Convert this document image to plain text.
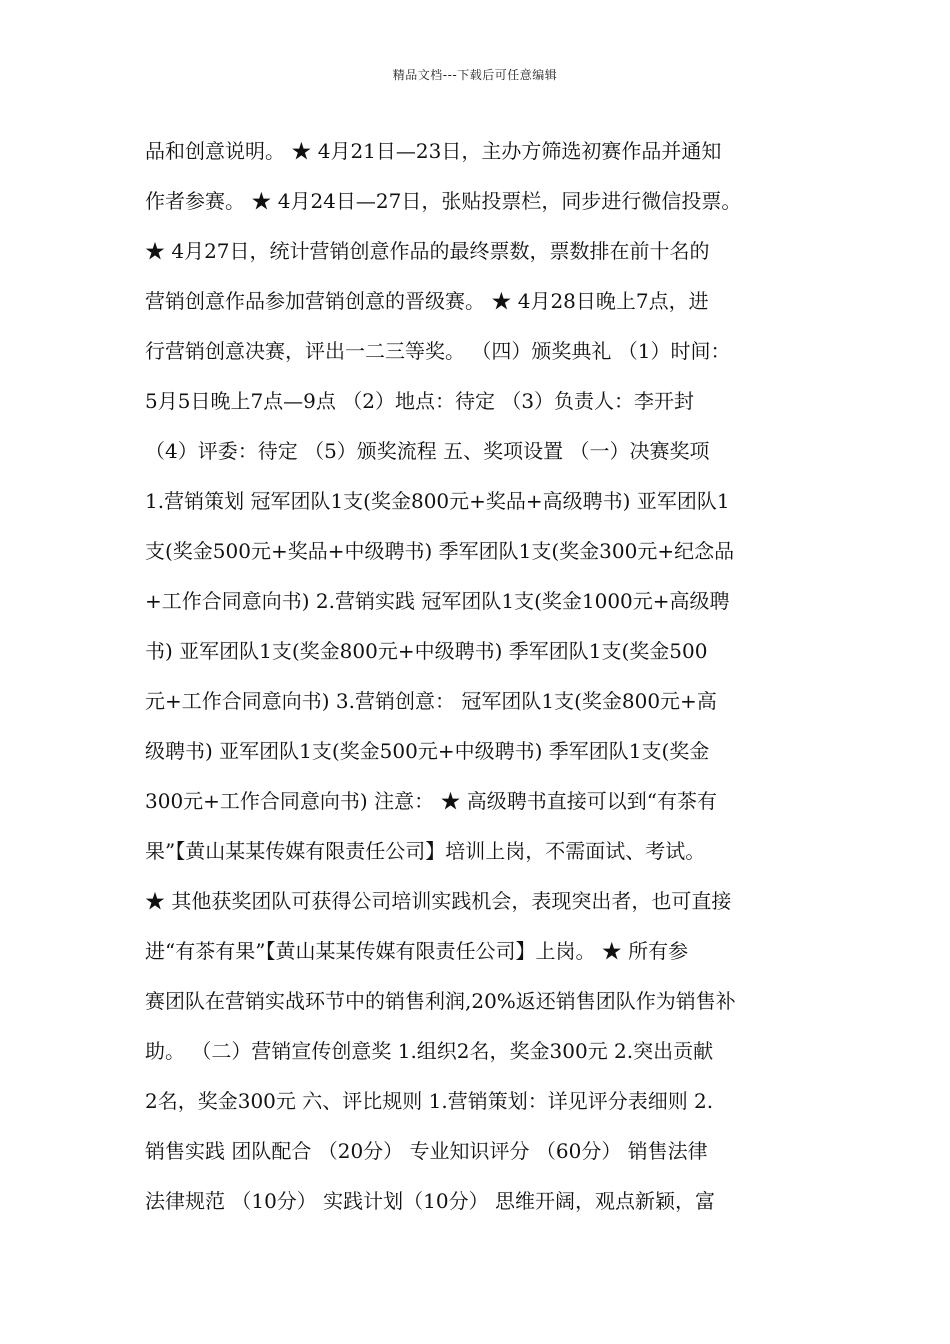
精品文档---下载后可任意编辑
品和创意说明。 ★ 4月21日—23日，主办方筛选初赛作品并通知
作者参赛。 ★ 4月24日—27日，张贴投票栏，同步进行微信投票。
★ 4月27日，统计营销创意作品的最终票数，票数排在前十名的
营销创意作品参加营销创意的晋级赛。 ★ 4月28日晚上7点，进
行营销创意决赛，评出一二三等奖。 （四）颁奖典礼 （1）时间：
5月5日晚上7点—9点 （2）地点：待定 （3）负责人：李开封
（4）评委：待定 （5）颁奖流程 五、奖项设置 （一）决赛奖项
1.营销策划 冠军团队1支(奖金800元+奖品+高级聘书) 亚军团队1
支(奖金500元+奖品+中级聘书) 季军团队1支(奖金300元+纪念品
+工作合同意向书) 2.营销实践 冠军团队1支(奖金1000元+高级聘
书) 亚军团队1支(奖金800元+中级聘书) 季军团队1支(奖金500
元+工作合同意向书) 3.营销创意： 冠军团队1支(奖金800元+高
级聘书) 亚军团队1支(奖金500元+中级聘书) 季军团队1支(奖金
300元+工作合同意向书) 注意： ★ 高级聘书直接可以到“有茶有
果”【黄山某某传媒有限责任公司】培训上岗，不需面试、考试。
★ 其他获奖团队可获得公司培训实践机会，表现突出者，也可直接
进“有茶有果”【黄山某某传媒有限责任公司】上岗。 ★ 所有参
赛团队在营销实战环节中的销售利润,20%返还销售团队作为销售补
助。 （二）营销宣传创意奖 1.组织2名，奖金300元 2.突出贡献
2名，奖金300元 六、评比规则 1.营销策划：详见评分表细则 2.
销售实践 团队配合 （20分） 专业知识评分 （60分） 销售法律
法律规范 （10分） 实践计划（10分） 思维开阔，观点新颖，富
